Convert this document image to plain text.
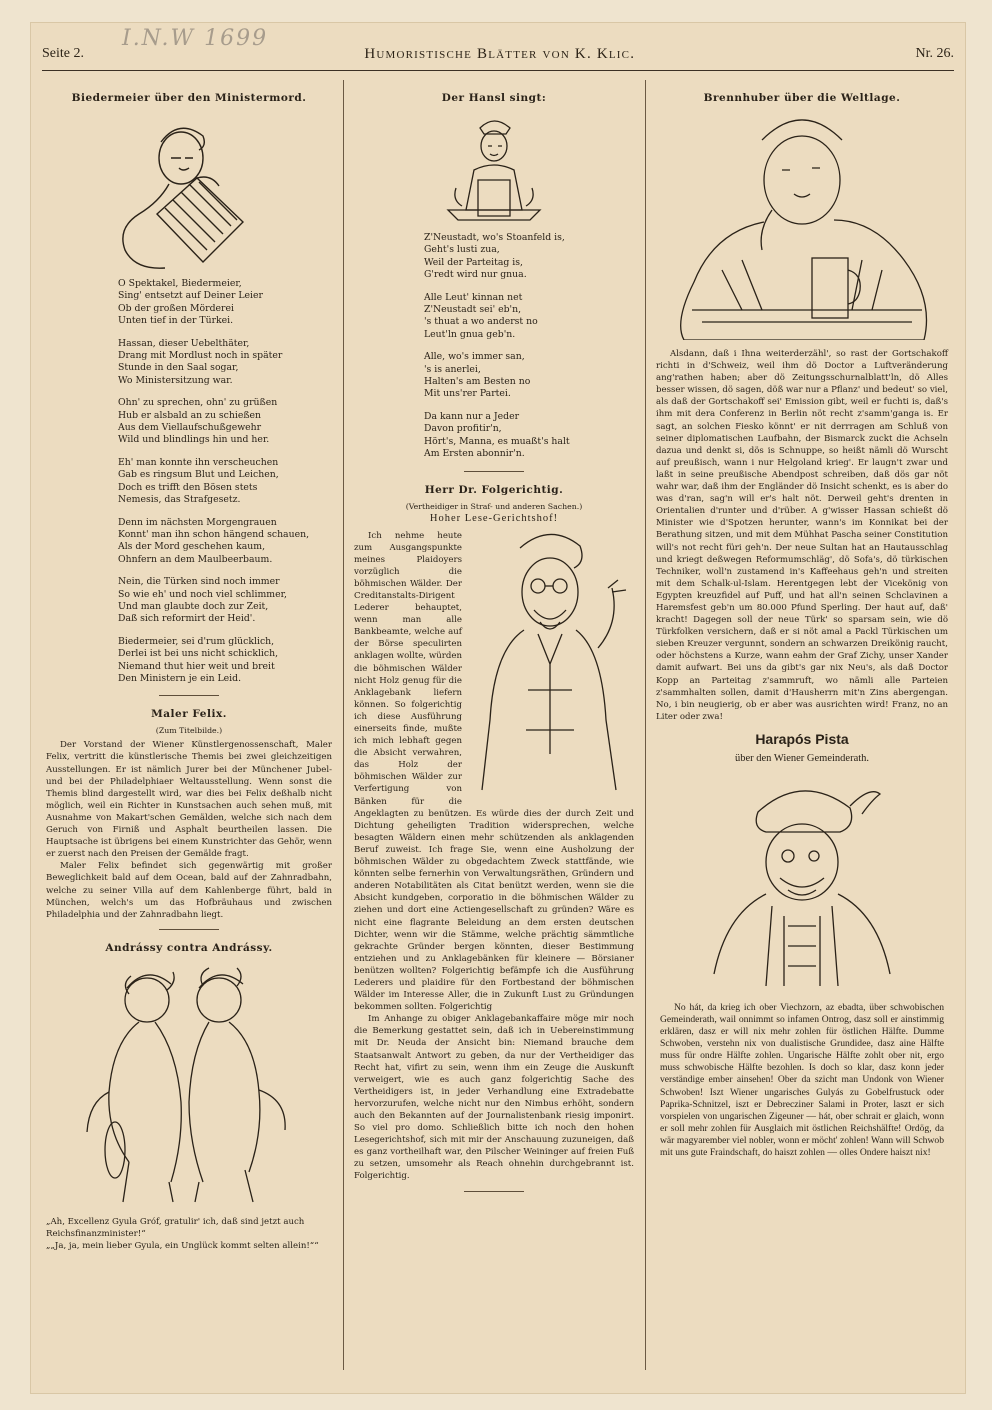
I.N.W 1699
Seite 2.	Humoristische Blätter von K. Klic.	Nr. 26.
Biedermeier über den Ministermord.
O Spektakel, Biedermeier,
Sing' entsetzt auf Deiner Leier
Ob der großen Mörderei
Unten tief in der Türkei.
Hassan, dieser Uebelthäter,
Drang mit Mordlust noch in später
Stunde in den Saal sogar,
Wo Ministersitzung war.
Ohn' zu sprechen, ohn' zu grüßen
Hub er alsbald an zu schießen
Aus dem Viellaufschußgewehr
Wild und blindlings hin und her.
Eh' man konnte ihn verscheuchen
Gab es ringsum Blut und Leichen,
Doch es trifft den Bösen stets
Nemesis, das Strafgesetz.
Denn im nächsten Morgengrauen
Konnt' man ihn schon hängend schauen,
Als der Mord geschehen kaum,
Ohnfern an dem Maulbeerbaum.
Nein, die Türken sind noch immer
So wie eh' und noch viel schlimmer,
Und man glaubte doch zur Zeit,
Daß sich reformirt der Heid'.
Biedermeier, sei d'rum glücklich,
Derlei ist bei uns nicht schicklich,
Niemand thut hier weit und breit
Den Ministern je ein Leid.
Maler Felix.
(Zum Titelbilde.)

Der Vorstand der Wiener Künstlergenossenschaft, Maler Felix, vertritt die künstlerische Themis bei zwei gleichzeitigen Ausstellungen. Er ist nämlich Jurer bei der Münchener Jubel- und bei der Philadelphiaer Weltausstellung. Wenn sonst die Themis blind dargestellt wird, war dies bei Felix deßhalb nicht möglich, weil ein Richter in Kunstsachen auch sehen muß, mit Ausnahme von Makart'schen Gemälden, welche sich nach dem Geruch von Firniß und Asphalt beurtheilen lassen. Die Hauptsache ist übrigens bei einem Kunstrichter das Gehör, wenn er zuerst nach den Preisen der Gemälde fragt.

Maler Felix befindet sich gegenwärtig mit großer Beweglichkeit bald auf dem Ocean, bald auf der Zahnradbahn, welche zu seiner Villa auf dem Kahlenberge führt, bald in München, welch's um das Hofbräuhaus und zwischen Philadelphia und der Zahnradbahn liegt.

Andrássy contra Andrássy.
„Ah, Excellenz Gyula Gróf, gratulir' ich, daß sind jetzt auch Reichsfinanzminister!“
„„Ja, ja, mein lieber Gyula, ein Unglück kommt selten allein!““
Der Hansl singt:
Z'Neustadt, wo's Stoanfeld is,
Geht's lusti zua,
Weil der Parteitag is,
G'redt wird nur gnua.
Alle Leut' kinnan net
Z'Neustadt sei' eb'n,
's thuat a wo anderst no
Leut'ln gnua geb'n.
Alle, wo's immer san,
's is anerlei,
Halten's am Besten no
Mit uns'rer Partei.
Da kann nur a Jeder
Davon profitir'n,
Hört's, Manna, es muaßt's halt
Am Ersten abonnir'n.
Herr Dr. Folgerichtig.
(Vertheidiger in Straf- und anderen Sachen.)
Hoher Lese-Gerichtshof!
Ich nehme heute zum Ausgangspunkte meines Plaidoyers vorzüglich die böhmischen Wälder. Der Creditanstalts-Dirigent Lederer behauptet, wenn man alle Bankbeamte, welche auf der Börse speculirten anklagen wollte, würden die böhmischen Wälder nicht Holz genug für die Anklagebank liefern können. So folgerichtig ich diese Ausführung einerseits finde, mußte ich mich lebhaft gegen die Absicht verwahren, das Holz der böhmischen Wälder zur Verfertigung von Bänken für die Angeklagten zu benützen. Es würde dies der durch Zeit und Dichtung geheiligten Tradition widersprechen, welche besagten Wäldern einen mehr schützenden als anklagenden Beruf zuweist. Ich frage Sie, wenn eine Ausholzung der böhmischen Wälder zu obgedachtem Zweck stattfände, wie könnten selbe fernerhin von Verwaltungsräthen, Gründern und anderen Notabilitäten als Citat benützt werden, wenn sie die Absicht kundgeben, corporatio in die böhmischen Wälder zu ziehen und dort eine Actiengesellschaft zu gründen? Wäre es nicht eine flagrante Beleidung an dem ersten deutschen Dichter, wenn wir die Stämme, welche prächtig sämmtliche gekrachte Gründer bergen könnten, dieser Bestimmung entziehen und zu Anklagebänken für kleinere — Börsianer benützen wollten? Folgerichtig befämpfe ich die Ausführung Lederers und plaidire für den Fortbestand der böhmischen Wälder im Interesse Aller, die in Zukunft Lust zu Gründungen bekommen sollten. Folgerichtig
Im Anhange zu obiger Anklagebankaffaire möge mir noch die Bemerkung gestattet sein, daß ich in Uebereinstimmung mit Dr. Neuda der Ansicht bin: Niemand brauche dem Staatsanwalt Antwort zu geben, da nur der Vertheidiger das Recht hat, vifirt zu sein, wenn ihm ein Zeuge die Auskunft verweigert, wie es auch ganz folgerichtig Sache des Vertheidigers ist, in jeder Verhandlung eine Extradebatte hervorzurufen, welche nicht nur den Nimbus erhöht, sondern auch den Bekannten auf der Journalistenbank riesig imponirt. So viel pro domo. Schließlich bitte ich noch den hohen Lesegerichtshof, sich mit mir der Anschauung zuzuneigen, daß es ganz vortheilhaft war, den Pilscher Weininger auf freien Fuß zu setzen, umsomehr als Reach ohnehin durchgebrannt ist. Folgerichtig.
Brennhuber über die Weltlage.

Alsdann, daß i Ihna weiterderzähl', so rast der Gortschakoff richti in d'Schweiz, weil ihm dö Doctor a Luftveränderung ang'rathen haben; aber dö Zeitungsschurnalblatt'ln, dö Alles besser wissen, dö sagen, döß war nur a Pflanz' und bedeut' so viel, als daß der Gortschakoff sei' Emission gibt, weil er fuchti is, daß's ihm mit dera Conferenz in Berlin nöt recht z'samm'ganga is. Er sagt, an solchen Fiesko könnt' er nit derrragen am Schluß von seiner diplomatischen Laufbahn, der Bismarck zuckt die Achseln dazua und denkt si, dös is Schnuppe, so heißt nämli dö Wurscht auf preußisch, wann i nur Helgoland krieg'. Er laugn't zwar und laßt in seine preußische Abendpost schreiben, daß dös gar nöt wahr war, daß ihm der Engländer dö Insicht schenkt, es is aber do was d'ran, sag'n will er's halt nöt. Derweil geht's drenten in Orientalien d'runter und d'rüber. A g'wisser Hassan schießt dö Minister wie d'Spotzen herunter, wann's im Konnikat bei der Berathung sitzen, und mit dem Mühhat Pascha seiner Constitution will's not recht füri geh'n. Der neue Sultan hat an Hautausschlag und kriegt deßwegen Reformumschläg', dö Sofa's, dö türkischen Techniker, woll'n zustamend in's Kaffeehaus geh'n und streiten mit dem Schalk-ul-Islam. Herentgegen lebt der Vicekönig von Egypten kreuzfidel auf Puff, und hat all'n seinen Schclavinen a Haremsfest geb'n um 80.000 Pfund Sperling. Der haut auf, daß' kracht! Dagegen soll der neue Türk' so sparsam sein, wie dö Türkfolken versichern, daß er si nöt amal a Packl Türkischen um sieben Kreuzer vergunnt, sondern an schwarzen Dreikönig raucht, oder höchstens a Kurze, wann eahm der Graf Zichy, unser Xander damit aufwart. Bei uns da gibt's gar nix Neu's, als daß Doctor Kopp an Parteitag z'sammruft, wo nämli alle Parteien z'sammhalten sollen, damit d'Hausherrn mit'n Zins abergengan. No, i bin neugierig, ob er aber was ausrichten wird! Franz, no an Liter oder zwa!

Harapós Pista
über den Wiener Gemeinderath.

No hát, da krieg ich ober Viechzorn, az ebadta, über schwobischen Gemeinderath, wail onnimmt so infamen Ontrog, dasz soll er ainstimmig erklären, dasz er will nix mehr zohlen für östlichen Hälfte. Dumme Schwoben, verstehn nix von dualistische Grundidee, dasz aine Hälfte muss für ondre Hälfte zohlen. Ungarische Hälfte zohlt ober nit, ergo muss schwobische Hälfte bezohlen. Is doch so klar, dasz konn jeder verständige ember ainsehen! Ober da szicht man Undonk von Wiener Schwoben! Iszt Wiener ungarisches Gulyás zu Gobelfrustuck oder Paprika-Schnitzel, iszt er Debrecziner Salami in Proter, laszt er sich vorspielen von ungarischen Zigeuner — hát, ober schrait er glaich, wonn er soll mehr zohlen für Ausglaich mit östlichen Reichshälfte! Ordög, da wär magyarember viel nobler, wonn er möcht' zohlen! Wann will Schwob mit uns gute Fraindschaft, do haiszt zohlen — olles Ondere haiszt nix!
